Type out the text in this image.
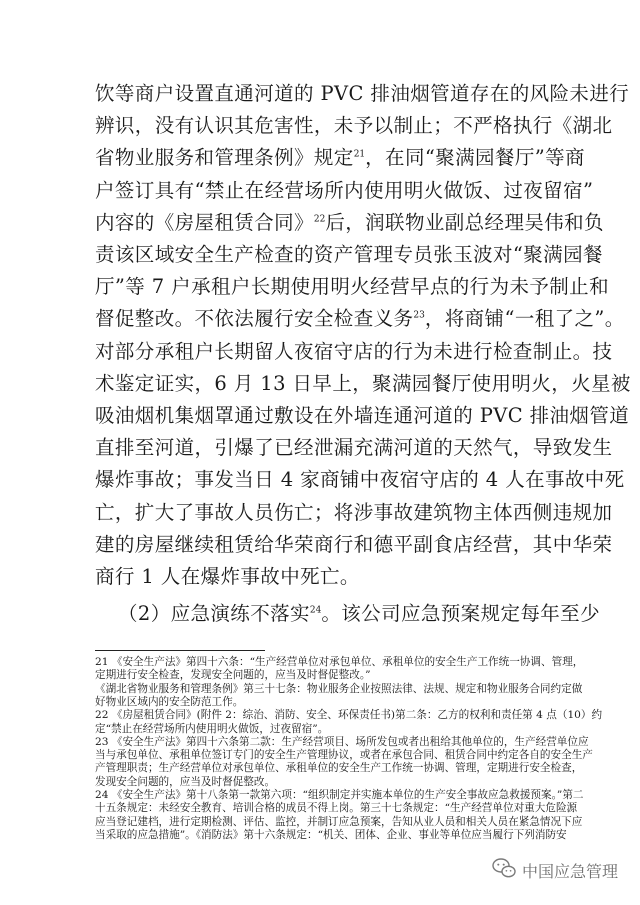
饮等商户设置直通河道的 PVC 排油烟管道存在的风险未进行
辨识，没有认识其危害性，未予以制止；不严格执行《湖北
省物业服务和管理条例》规定$^{21}$，在同“聚满园餐厅”等商
户签订具有“禁止在经营场所内使用明火做饭、过夜留宿”
内容的《房屋租赁合同》$^{22}$后，润联物业副总经理吴伟和负
责该区域安全生产检查的资产管理专员张玉波对“聚满园餐
厅”等 7 户承租户长期使用明火经营早点的行为未予制止和
督促整改。不依法履行安全检查义务$^{23}$，将商铺“一租了之”。
对部分承租户长期留人夜宿守店的行为未进行检查制止。技
术鉴定证实，6 月 13 日早上，聚满园餐厅使用明火，火星被
吸油烟机集烟罩通过敷设在外墙连通河道的 PVC 排油烟管道
直排至河道，引爆了已经泄漏充满河道的天然气，导致发生
爆炸事故；事发当日 4 家商铺中夜宿守店的 4 人在事故中死
亡，扩大了事故人员伤亡；将涉事故建筑物主体西侧违规加
建的房屋继续租赁给华荣商行和德平副食店经营，其中华荣
商行 1 人在爆炸事故中死亡。
（2）应急演练不落实$^{24}$。该公司应急预案规定每年至少
21 《安全生产法》第四十六条：“生产经营单位对承包单位、承租单位的安全生产工作统一协调、管理，
定期进行安全检查，发现安全问题的，应当及时督促整改。”
《湖北省物业服务和管理条例》第三十七条：物业服务企业按照法律、法规、规定和物业服务合同约定做
好物业区域内的安全防范工作。
22 《房屋租赁合同》(附件 2：综治、消防、安全、环保责任书)第二条：乙方的权利和责任第 4 点（10）约
定“禁止在经营场所内使用明火做饭，过夜留宿”。
23 《安全生产法》第四十六条第二款：生产经营项目、场所发包或者出租给其他单位的，生产经营单位应
当与承包单位、承租单位签订专门的安全生产管理协议，或者在承包合同、租赁合同中约定各自的安全生产
产管理职责；生产经营单位对承包单位、承租单位的安全生产工作统一协调、管理，定期进行安全检查，
发现安全问题的，应当及时督促整改。
24 《安全生产法》第十八条第一款第六项：“组织制定并实施本单位的生产安全事故应急救援预案。”第二
十五条规定：未经安全教育、培训合格的成员不得上岗。第三十七条规定：“生产经营单位对重大危险源
应当登记建档，进行定期检测、评估、监控，并制订应急预案，告知从业人员和相关人员在紧急情况下应
当采取的应急措施”。《消防法》第十六条规定：“机关、团体、企业、事业等单位应当履行下列消防安
中国应急管理
